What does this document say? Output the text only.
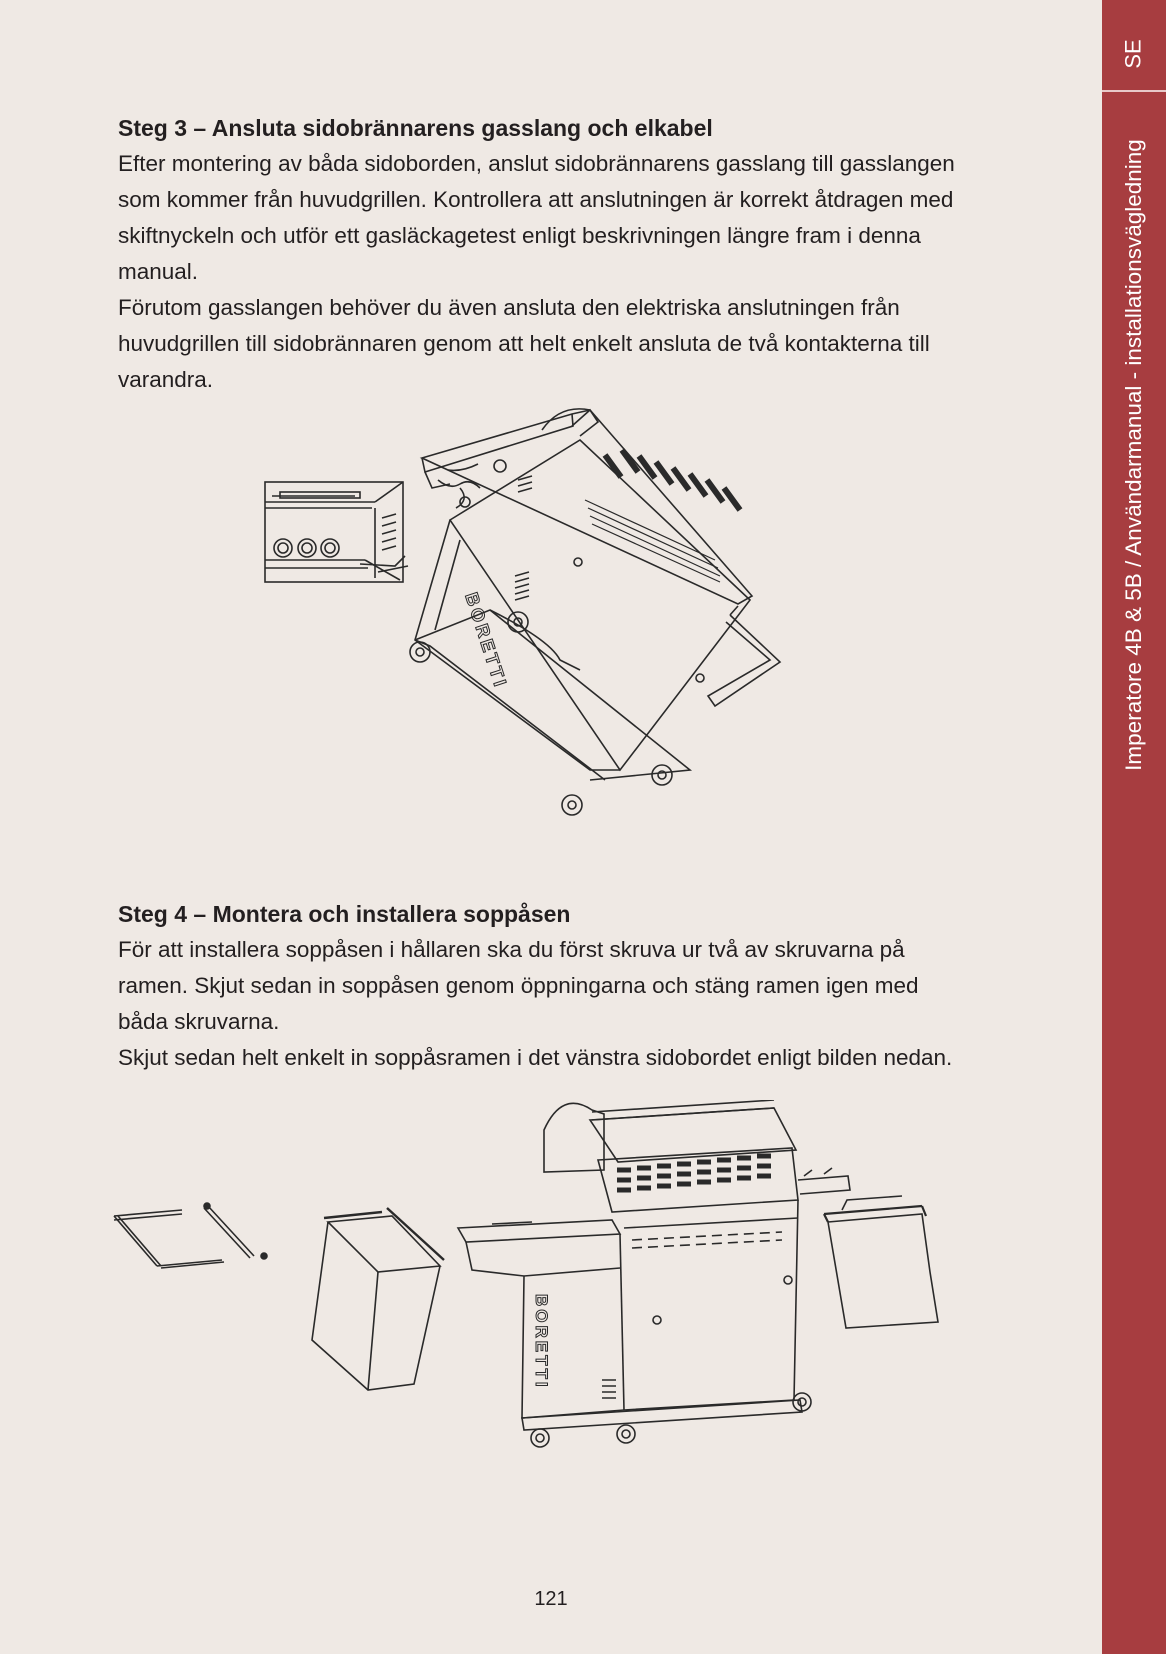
SE
Imperatore 4B & 5B / Användarmanual - installationsvägledning
Steg 3 – Ansluta sidobrännarens gasslang och elkabel

Efter montering av båda sidoborden, anslut sidobrännarens gasslang till gasslangen

som kommer från huvudgrillen. Kontrollera att anslutningen är korrekt åtdragen med

skiftnyckeln och utför ett gasläckagetest enligt beskrivningen längre fram i denna

manual.

Förutom gasslangen behöver du även ansluta den elektriska anslutningen från

huvudgrillen till sidobrännaren genom att helt enkelt ansluta de två kontakterna till

varandra.

BORETTI
Steg 4 – Montera och installera soppåsen

För att installera soppåsen i hållaren ska du först skruva ur två av skruvarna på

ramen. Skjut sedan in soppåsen genom öppningarna och stäng ramen igen med

båda skruvarna.

Skjut sedan helt enkelt in soppåsramen i det vänstra sidobordet enligt bilden nedan.

BORETTI
121
